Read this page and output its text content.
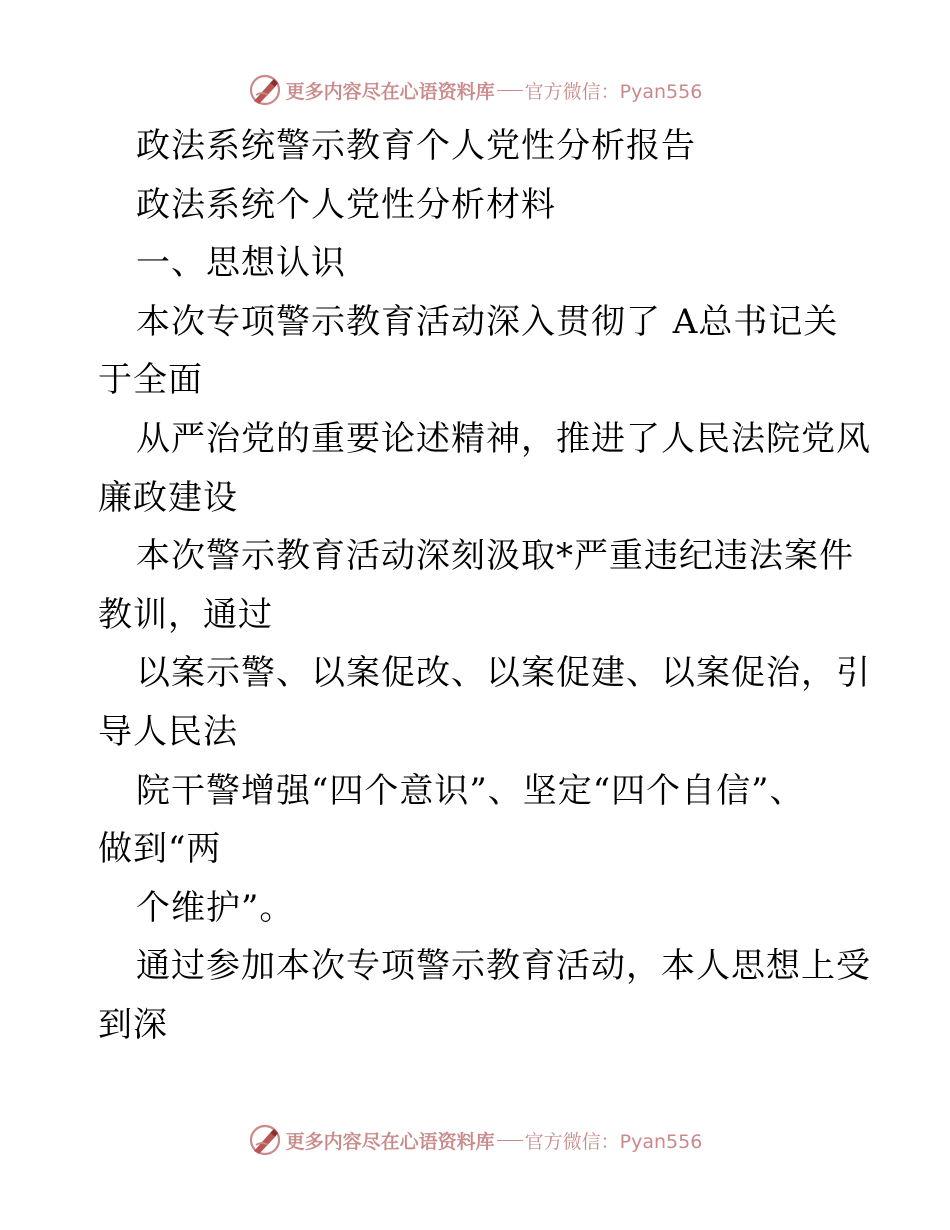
更多内容尽在心语资料库 官方微信：Pyan556
政法系统警示教育个人党性分析报告
政法系统个人党性分析材料
一、思想认识
本次专项警示教育活动深入贯彻了 A总书记关
于全面
从严治党的重要论述精神，推进了人民法院党风
廉政建设
本次警示教育活动深刻汲取*严重违纪违法案件
教训，通过
以案示警、以案促改、以案促建、以案促治，引
导人民法
院干警增强“四个意识”、坚定“四个自信”、
做到“两
个维护”。
通过参加本次专项警示教育活动，本人思想上受
到深
更多内容尽在心语资料库 官方微信：Pyan556
